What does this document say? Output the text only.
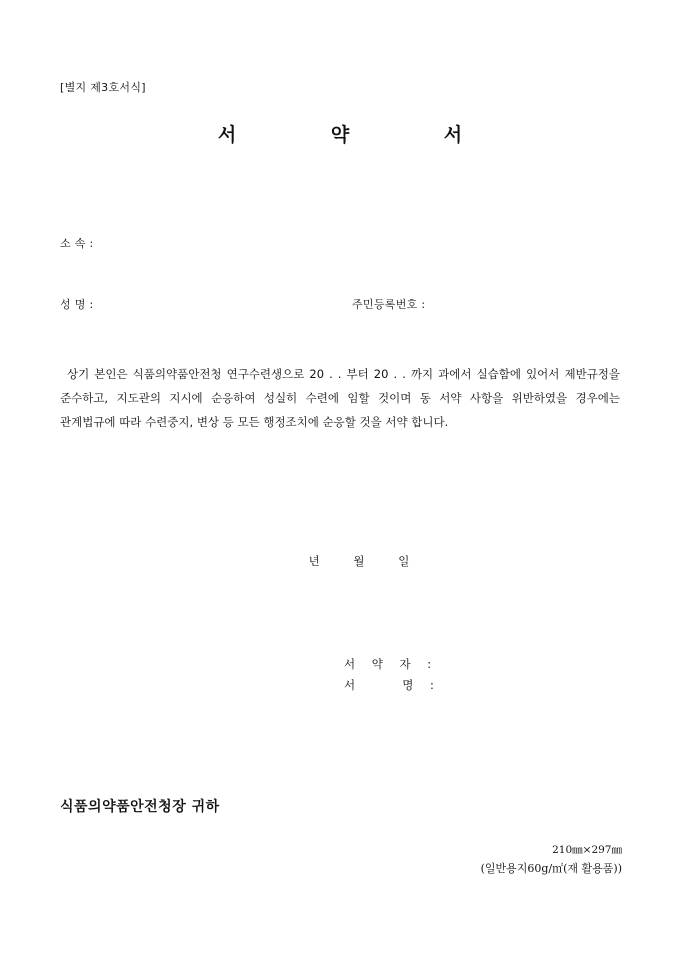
[별지 제3호서식]
서 약 서
소 속 :
성 명 :	주민등록번호 :
상기 본인은 식품의약품안전청 연구수련생으로 20 . . 부터 20 . . 까지 과에서 실습함에 있어서 제반규정을 준수하고, 지도관의 지시에 순응하여 성실히 수련에 임할 것이며 동 서약 사항을 위반하였을 경우에는 관계법규에 따라 수련중지, 변상 등 모든 행정조치에 순응할 것을 서약 합니다.
년 월 일
서 약 자 :
서    명 :
식품의약품안전청장 귀하
210㎜×297㎜
(일반용지60g/㎡(재 활용품))
